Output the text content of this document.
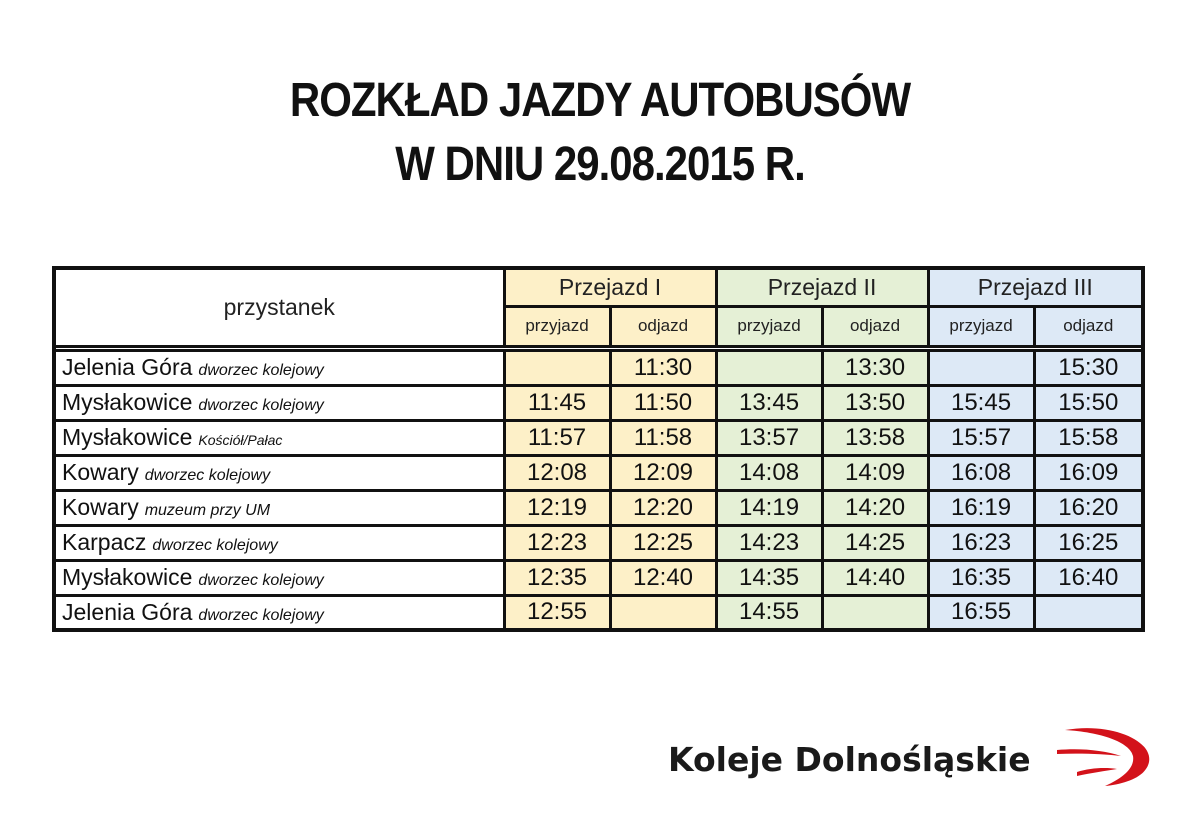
ROZKŁAD JAZDY AUTOBUSÓW
W DNIU 29.08.2015 R.
przystanek	Przejazd I		Przejazd II		Przejazd III	
	przyjazd	odjazd	przyjazd	odjazd	przyjazd	odjazd

Jelenia Góra dworzec kolejowy		11:30		13:30		15:30
Mysłakowice dworzec kolejowy	11:45	11:50	13:45	13:50	15:45	15:50
Mysłakowice Kościół/Pałac	11:57	11:58	13:57	13:58	15:57	15:58
Kowary dworzec kolejowy	12:08	12:09	14:08	14:09	16:08	16:09
Kowary muzeum przy UM	12:19	12:20	14:19	14:20	16:19	16:20
Karpacz dworzec kolejowy	12:23	12:25	14:23	14:25	16:23	16:25
Mysłakowice dworzec kolejowy	12:35	12:40	14:35	14:40	16:35	16:40
Jelenia Góra dworzec kolejowy	12:55		14:55		16:55	
Koleje Dolnośląskie
